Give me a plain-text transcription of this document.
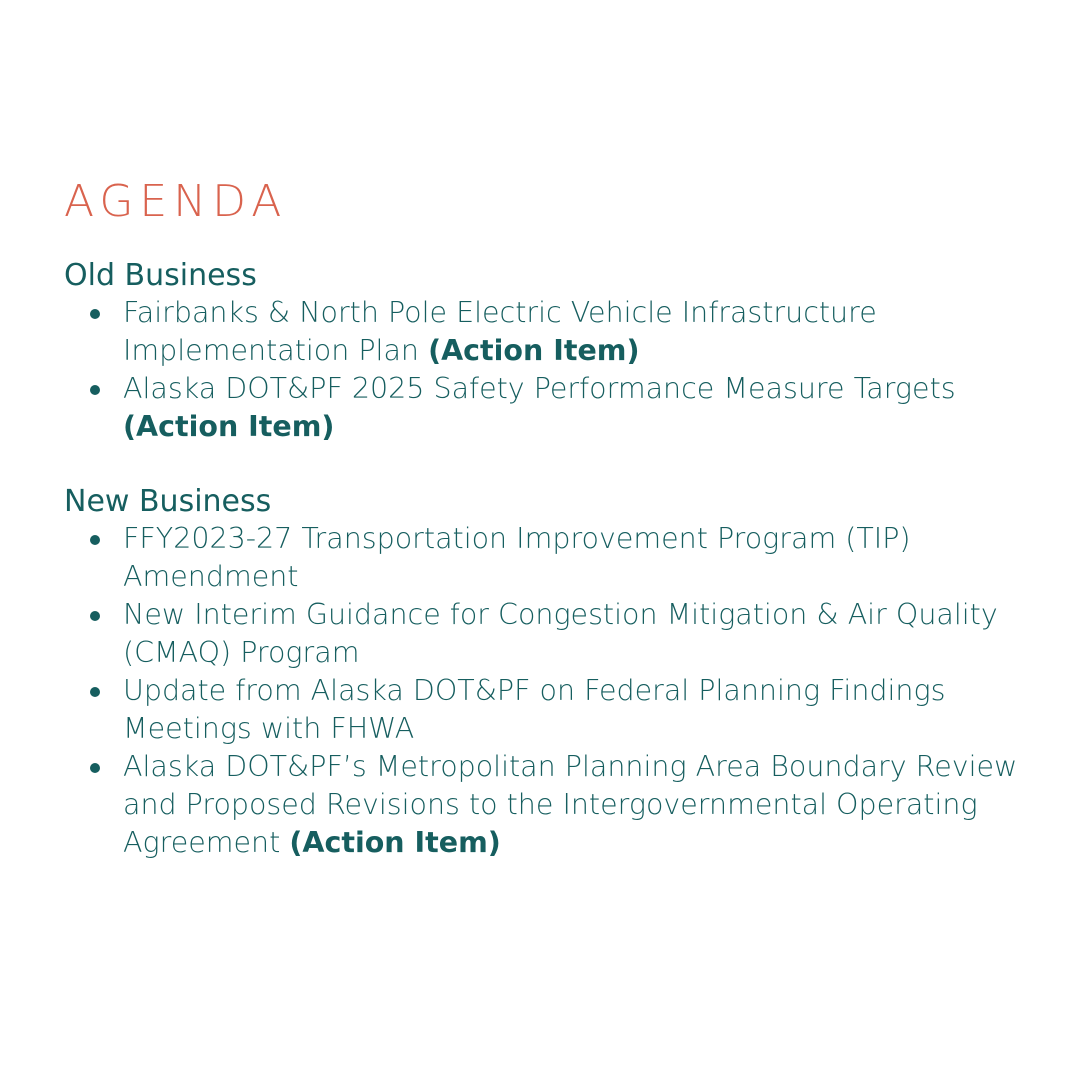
AGENDA
Old Business
Fairbanks & North Pole Electric Vehicle Infrastructure Implementation Plan (Action Item)
Alaska DOT&PF 2025 Safety Performance Measure Targets
(Action Item)
New Business
FFY2023-27 Transportation Improvement Program (TIP) Amendment
New Interim Guidance for Congestion Mitigation & Air Quality (CMAQ) Program
Update from Alaska DOT&PF on Federal Planning Findings Meetings with FHWA
Alaska DOT&PF’s Metropolitan Planning Area Boundary Review and Proposed Revisions to the Intergovernmental Operating Agreement (Action Item)
